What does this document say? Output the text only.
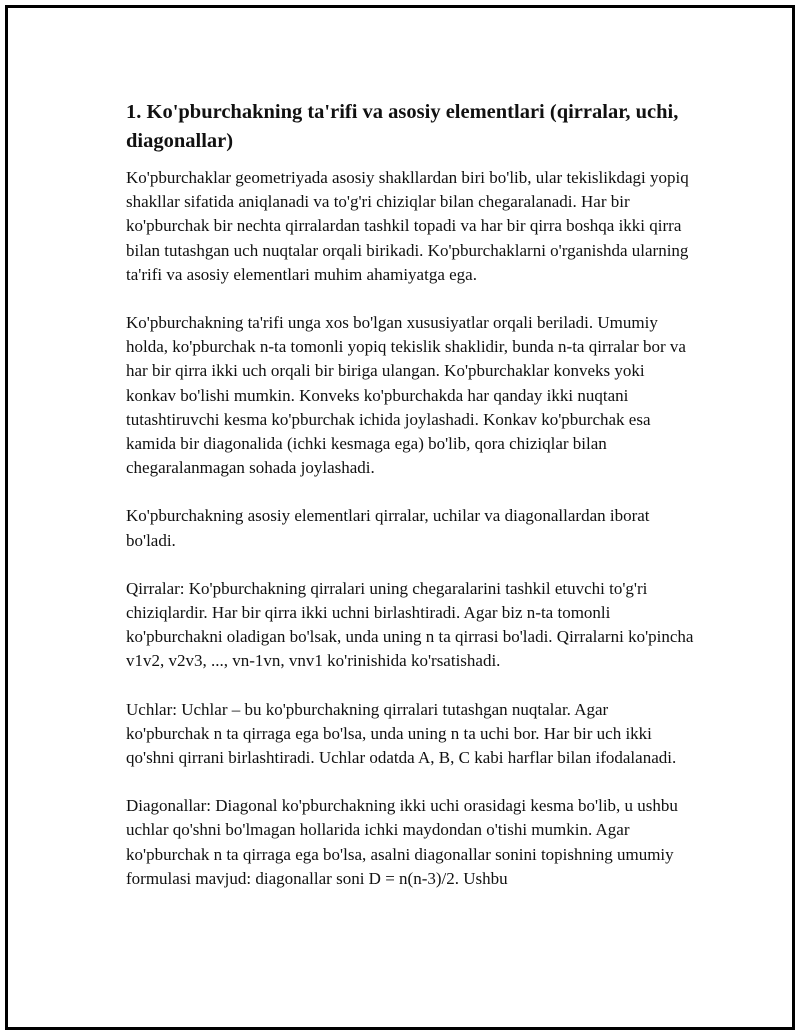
1. Ko'pburchakning ta'rifi va asosiy elementlari (qirralar, uchi, diagonallar)

Ko'pburchaklar geometriyada asosiy shakllardan biri bo'lib, ular tekislikdagi yopiq shakllar sifatida aniqlanadi va to'g'ri chiziqlar bilan chegaralanadi. Har bir ko'pburchak bir nechta qirralardan tashkil topadi va har bir qirra boshqa ikki qirra bilan tutashgan uch nuqtalar orqali birikadi. Ko'pburchaklarni o'rganishda ularning ta'rifi va asosiy elementlari muhim ahamiyatga ega.

Ko'pburchakning ta'rifi unga xos bo'lgan xususiyatlar orqali beriladi. Umumiy holda, ko'pburchak n-ta tomonli yopiq tekislik shaklidir, bunda n-ta qirralar bor va har bir qirra ikki uch orqali bir biriga ulangan. Ko'pburchaklar konveks yoki konkav bo'lishi mumkin. Konveks ko'pburchakda har qanday ikki nuqtani tutashtiruvchi kesma ko'pburchak ichida joylashadi. Konkav ko'pburchak esa kamida bir diagonalida (ichki kesmaga ega) bo'lib, qora chiziqlar bilan chegaralanmagan sohada joylashadi.

Ko'pburchakning asosiy elementlari qirralar, uchilar va diagonallardan iborat bo'ladi.

Qirralar: Ko'pburchakning qirralari uning chegaralarini tashkil etuvchi to'g'ri chiziqlardir. Har bir qirra ikki uchni birlashtiradi. Agar biz n-ta tomonli ko'pburchakni oladigan bo'lsak, unda uning n ta qirrasi bo'ladi. Qirralarni ko'pincha v1v2, v2v3, ..., vn-1vn, vnv1 ko'rinishida ko'rsatishadi.

Uchlar: Uchlar – bu ko'pburchakning qirralari tutashgan nuqtalar. Agar ko'pburchak n ta qirraga ega bo'lsa, unda uning n ta uchi bor. Har bir uch ikki qo'shni qirrani birlashtiradi. Uchlar odatda A, B, C kabi harflar bilan ifodalanadi.

Diagonallar: Diagonal ko'pburchakning ikki uchi orasidagi kesma bo'lib, u ushbu uchlar qo'shni bo'lmagan hollarida ichki maydondan o'tishi mumkin. Agar ko'pburchak n ta qirraga ega bo'lsa, asalni diagonallar sonini topishning umumiy formulasi mavjud: diagonallar soni D = n(n-3)/2. Ushbu
